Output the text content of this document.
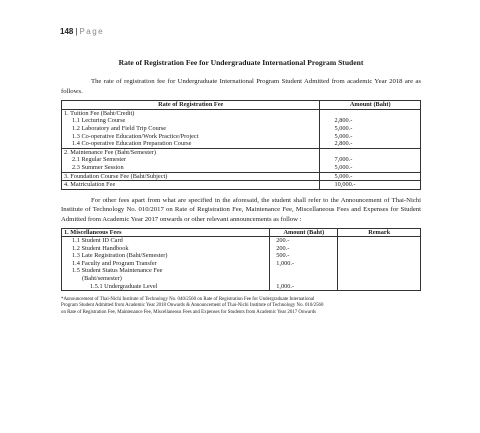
148 | Page

Rate of Registration Fee for Undergraduate International Program Student

The rate of registration fee for Undergraduate International Program Student Admitted from academic Year 2018 are as follows.

Rate of Registration Fee	Amount (Baht)
1. Tuition Fee (Baht/Credit)	
1.1 Lecturing Course	2,800.-
1.2 Laboratory and Field Trip Course	5,000.-
1.3 Co-operative Education/Work Practice/Project	5,000.-
1.4 Co-operative Education Preparation Course	2,800.-
2. Maintenance Fee (Baht/Semester)	
2.1 Regular Semester	7,000.-
2.3 Summer Session	5,000.-
3. Foundation Course Fee (Baht/Subject)	5,000.-
4. Matriculation Fee	10,000.-

For other fees apart from what are specified in the aforesaid, the student shall refer to the Announcement of Thai-Nichi Institute of Technology No. 010/2017 on Rate of Registration Fee, Maintenance Fee, Miscellaneous Fees and Expenses for Student Admitted from Academic Year 2017 onwards or other relevant announcements as follow :

1. Miscellaneous Fees	Amount (Baht)	Remark
1.1 Student ID Card	200.-	
1.2 Student Handbook	200.-	
1.3 Late Registration (Baht/Semester)	500.-	
1.4 Faculty and Program Transfer	1,000.-	
1.5 Student Status Maintenance Fee		
(Baht/semester)		
1.5.1 Undergraduate Level	1,000.-	

*Announcement of Thai-Nichi Institute of Technology No. 040/2560 on Rate of Registration Fee for Undergraduate International Program Student Admitted from Academic Year 2018 Onwards & Announcement of Thai-Nichi Institute of Technology No. 010/2560 on Rate of Registration Fee, Maintenance Fee, Miscellaneous Fees and Expenses for Students from Academic Year 2017 Onwards
